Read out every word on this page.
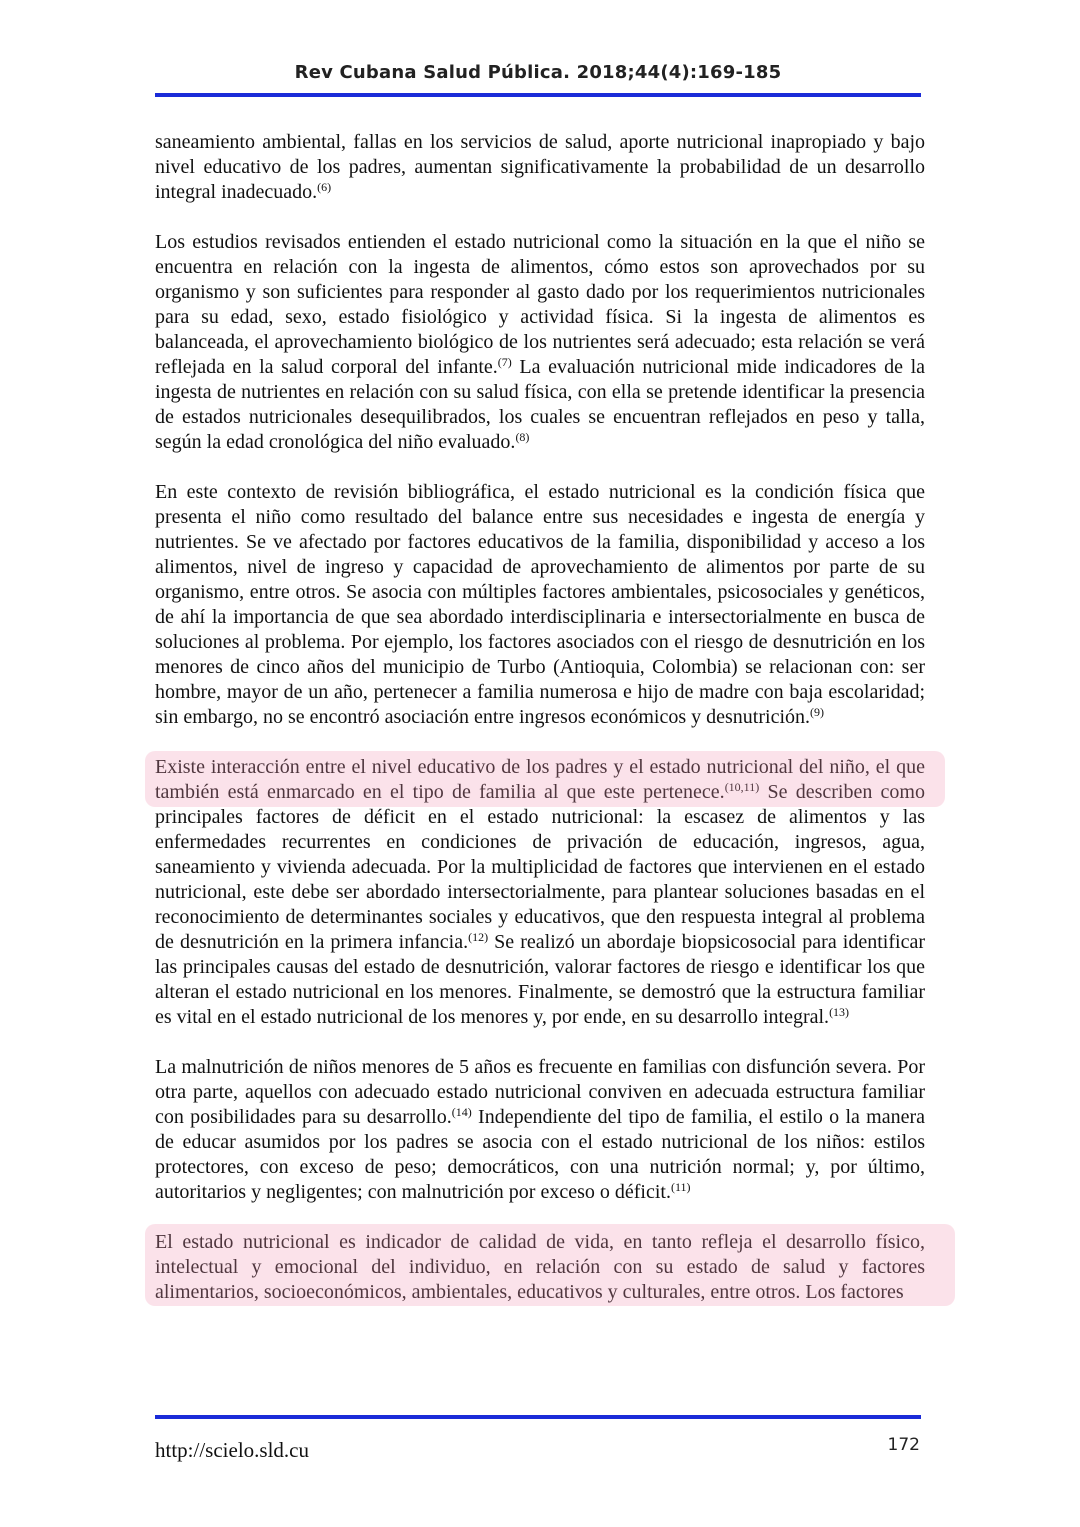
Rev Cubana Salud Pública. 2018;44(4):169-185

saneamiento ambiental, fallas en los servicios de salud, aporte nutricional inapropiado y bajo nivel educativo de los padres, aumentan significativamente la probabilidad de un desarrollo integral inadecuado.$^{(6)}$

Los estudios revisados entienden el estado nutricional como la situación en la que el niño se encuentra en relación con la ingesta de alimentos, cómo estos son aprovechados por su organismo y son suficientes para responder al gasto dado por los requerimientos nutricionales para su edad, sexo, estado fisiológico y actividad física. Si la ingesta de alimentos es balanceada, el aprovechamiento biológico de los nutrientes será adecuado; esta relación se verá reflejada en la salud corporal del infante.$^{(7)}$ La evaluación nutricional mide indicadores de la ingesta de nutrientes en relación con su salud física, con ella se pretende identificar la presencia de estados nutricionales desequilibrados, los cuales se encuentran reflejados en peso y talla, según la edad cronológica del niño evaluado.$^{(8)}$

En este contexto de revisión bibliográfica, el estado nutricional es la condición física que presenta el niño como resultado del balance entre sus necesidades e ingesta de energía y nutrientes. Se ve afectado por factores educativos de la familia, disponibilidad y acceso a los alimentos, nivel de ingreso y capacidad de aprovechamiento de alimentos por parte de su organismo, entre otros. Se asocia con múltiples factores ambientales, psicosociales y genéticos, de ahí la importancia de que sea abordado interdisciplinaria e intersectorialmente en busca de soluciones al problema. Por ejemplo, los factores asociados con el riesgo de desnutrición en los menores de cinco años del municipio de Turbo (Antioquia, Colombia) se relacionan con: ser hombre, mayor de un año, pertenecer a familia numerosa e hijo de madre con baja escolaridad; sin embargo, no se encontró asociación entre ingresos económicos y desnutrición.$^{(9)}$

Existe interacción entre el nivel educativo de los padres y el estado nutricional del niño, el que también está enmarcado en el tipo de familia al que este pertenece.$^{(10,11)}$ Se describen como principales factores de déficit en el estado nutricional: la escasez de alimentos y las enfermedades recurrentes en condiciones de privación de educación, ingresos, agua, saneamiento y vivienda adecuada. Por la multiplicidad de factores que intervienen en el estado nutricional, este debe ser abordado intersectorialmente, para plantear soluciones basadas en el reconocimiento de determinantes sociales y educativos, que den respuesta integral al problema de desnutrición en la primera infancia.$^{(12)}$ Se realizó un abordaje biopsicosocial para identificar las principales causas del estado de desnutrición, valorar factores de riesgo e identificar los que alteran el estado nutricional en los menores. Finalmente, se demostró que la estructura familiar es vital en el estado nutricional de los menores y, por ende, en su desarrollo integral.$^{(13)}$

La malnutrición de niños menores de 5 años es frecuente en familias con disfunción severa. Por otra parte, aquellos con adecuado estado nutricional conviven en adecuada estructura familiar con posibilidades para su desarrollo.$^{(14)}$ Independiente del tipo de familia, el estilo o la manera de educar asumidos por los padres se asocia con el estado nutricional de los niños: estilos protectores, con exceso de peso; democráticos, con una nutrición normal; y, por último, autoritarios y negligentes; con malnutrición por exceso o déficit.$^{(11)}$

El estado nutricional es indicador de calidad de vida, en tanto refleja el desarrollo físico, intelectual y emocional del individuo, en relación con su estado de salud y factores alimentarios, socioeconómicos, ambientales, educativos y culturales, entre otros. Los factores

http://scielo.sld.cu	172
